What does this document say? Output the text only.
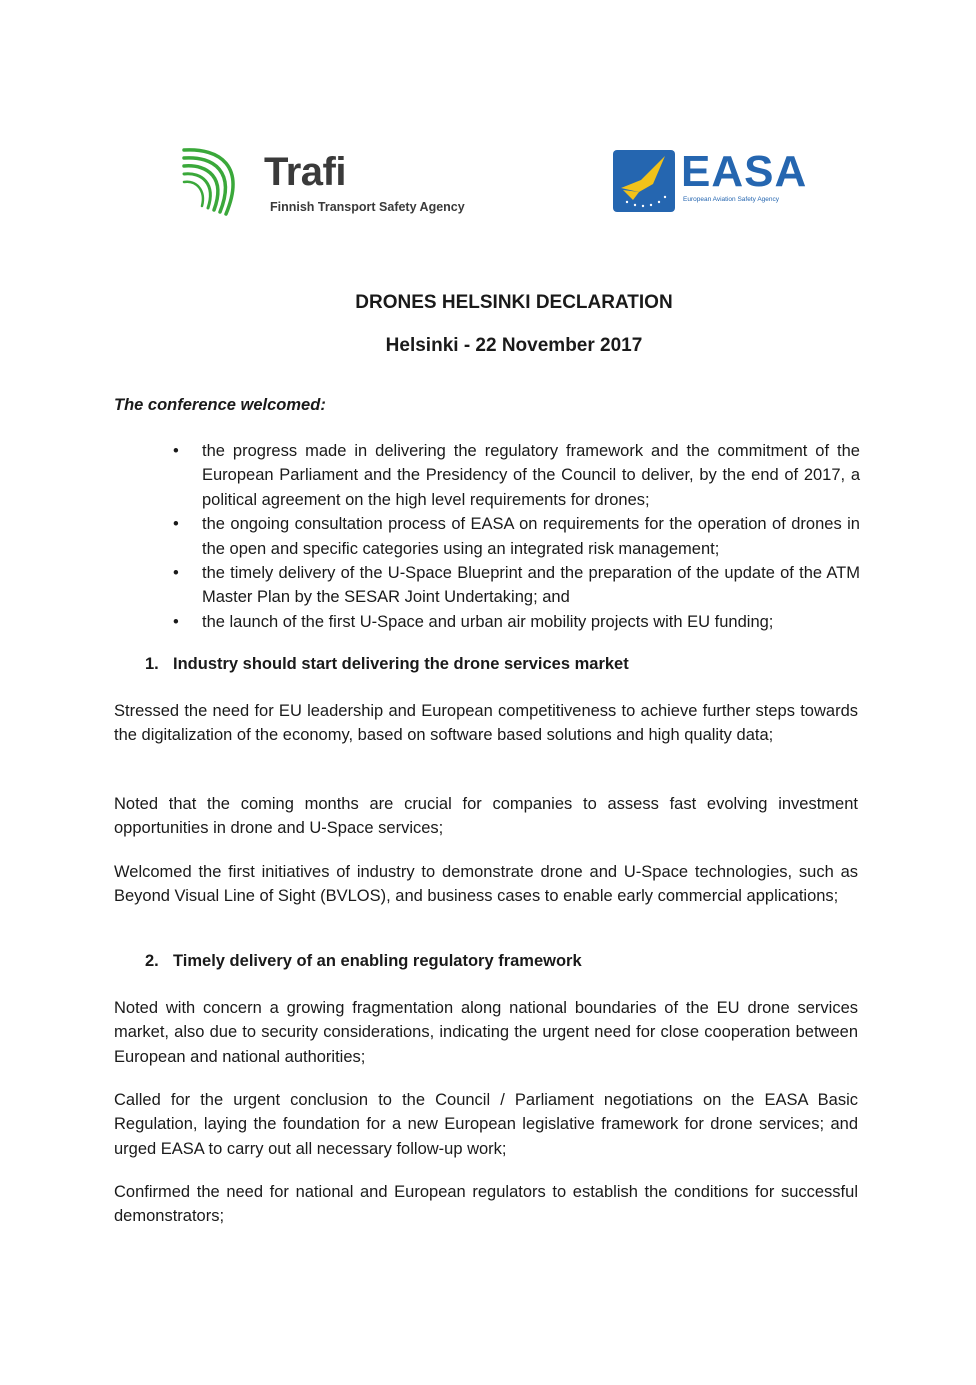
Trafi
Finnish Transport Safety Agency
EASA
European Aviation Safety Agency
DRONES HELSINKI DECLARATION
Helsinki - 22 November 2017
The conference welcomed:
• the progress made in delivering the regulatory framework and the commitment of the European Parliament and the Presidency of the Council to deliver, by the end of 2017, a political agreement on the high level requirements for drones;
• the ongoing consultation process of EASA on requirements for the operation of drones in the open and specific categories using an integrated risk management;
• the timely delivery of the U-Space Blueprint and the preparation of the update of the ATM Master Plan by the SESAR Joint Undertaking; and
• the launch of the first U-Space and urban air mobility projects with EU funding;
1. Industry should start delivering the drone services market

Stressed the need for EU leadership and European competitiveness to achieve further steps towards the digitalization of the economy, based on software based solutions and high quality data;

Noted that the coming months are crucial for companies to assess fast evolving investment opportunities in drone and U-Space services;

Welcomed the first initiatives of industry to demonstrate drone and U-Space technologies, such as Beyond Visual Line of Sight (BVLOS), and business cases to enable early commercial applications;

2. Timely delivery of an enabling regulatory framework

Noted with concern a growing fragmentation along national boundaries of the EU drone services market, also due to security considerations, indicating the urgent need for close cooperation between European and national authorities;

Called for the urgent conclusion to the Council / Parliament negotiations on the EASA Basic Regulation, laying the foundation for a new European legislative framework for drone services; and urged EASA to carry out all necessary follow-up work;

Confirmed the need for national and European regulators to establish the conditions for successful demonstrators;
